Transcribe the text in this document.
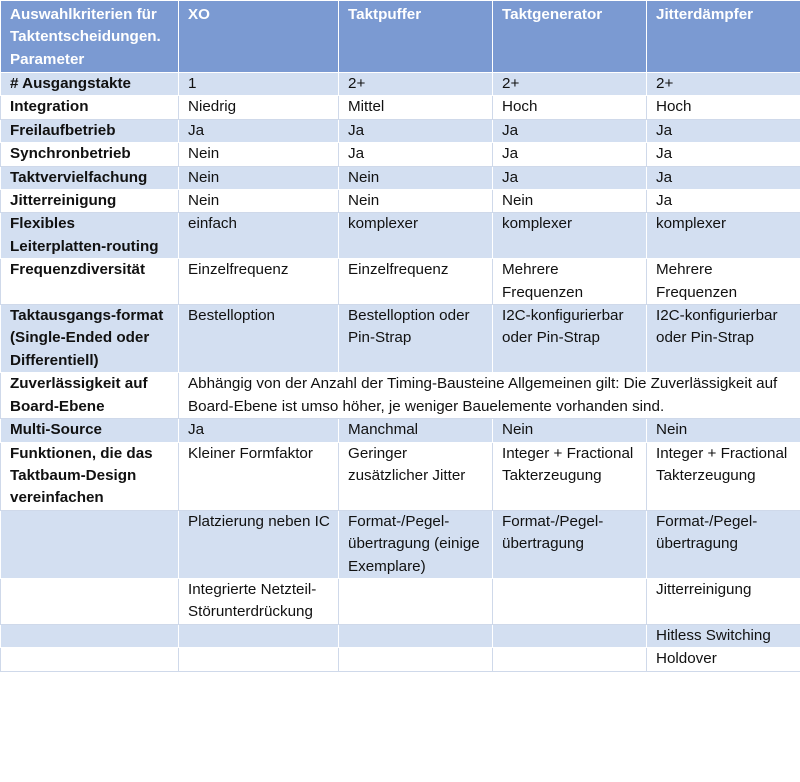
Auswahlkriterien für Taktentscheidungen. Parameter	XO	Taktpuffer	Taktgenerator	Jitterdämpfer
# Ausgangstakte	1	2+	2+	2+
Integration	Niedrig	Mittel	Hoch	Hoch
Freilaufbetrieb	Ja	Ja	Ja	Ja
Synchronbetrieb	Nein	Ja	Ja	Ja
Taktvervielfachung	Nein	Nein	Ja	Ja
Jitterreinigung	Nein	Nein	Nein	Ja
Flexibles Leiterplatten-routing	einfach	komplexer	komplexer	komplexer
Frequenzdiversität	Einzelfrequenz	Einzelfrequenz	Mehrere Frequenzen	Mehrere Frequenzen
Taktausgangs-format (Single-Ended oder Differentiell)	Bestelloption	Bestelloption oder Pin-Strap	I2C-konfigurierbar oder Pin-Strap	I2C-konfigurierbar oder Pin-Strap
Zuverlässigkeit auf Board-Ebene	Abhängig von der Anzahl der Timing-Bausteine Allgemeinen gilt: Die Zuverlässigkeit auf Board-Ebene ist umso höher, je weniger Bauelemente vorhanden sind.			
Multi-Source	Ja	Manchmal	Nein	Nein
Funktionen, die das Taktbaum-Design vereinfachen	Kleiner Formfaktor	Geringer zusätzlicher Jitter	Integer + Fractional Takterzeugung	Integer + Fractional Takterzeugung
	Platzierung neben IC	Format-/Pegel-übertragung (einige Exemplare)	Format-/Pegel-übertragung	Format-/Pegel-übertragung
	Integrierte Netzteil-Störunterdrückung			Jitterreinigung
				Hitless Switching
				Holdover
